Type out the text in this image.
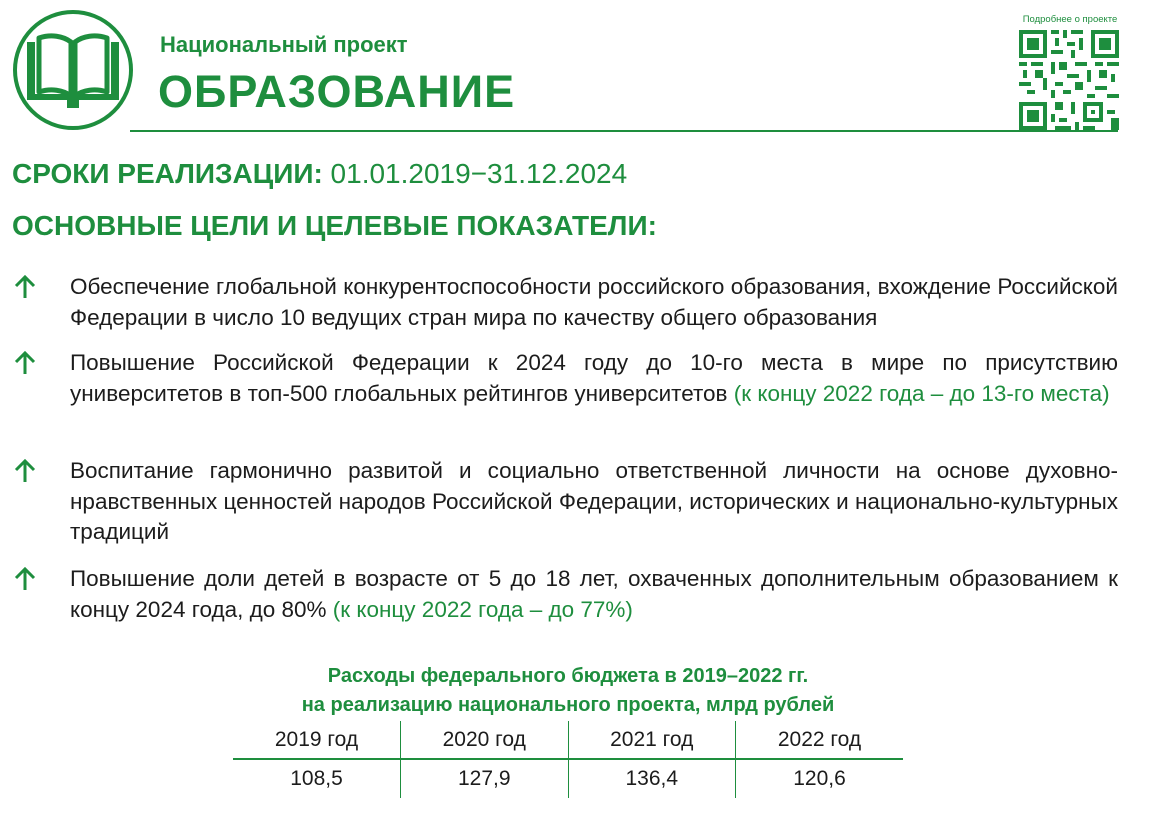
Национальный проект
ОБРАЗОВАНИЕ
Подробнее о проекте
СРОКИ РЕАЛИЗАЦИИ: 01.01.2019−31.12.2024
ОСНОВНЫЕ ЦЕЛИ И ЦЕЛЕВЫЕ ПОКАЗАТЕЛИ:
Обеспечение глобальной конкурентоспособности российского образования, вхождение Российской Федерации в число 10 ведущих стран мира по качеству общего образования
Повышение Российской Федерации к 2024 году до 10-го места в мире по присутствию университетов в топ-500 глобальных рейтингов университетов (к концу 2022 года – до 13-го места)
Воспитание гармонично развитой и социально ответственной личности на основе духовно-нравственных ценностей народов Российской Федерации, исторических и национально-культурных традиций
Повышение доли детей в возрасте от 5 до 18 лет, охваченных дополнительным образованием к концу 2024 года, до 80% (к концу 2022 года – до 77%)
Расходы федерального бюджета в 2019–2022 гг.
на реализацию национального проекта, млрд рублей
2019 год	2020 год	2021 год	2022 год
108,5	127,9	136,4	120,6
